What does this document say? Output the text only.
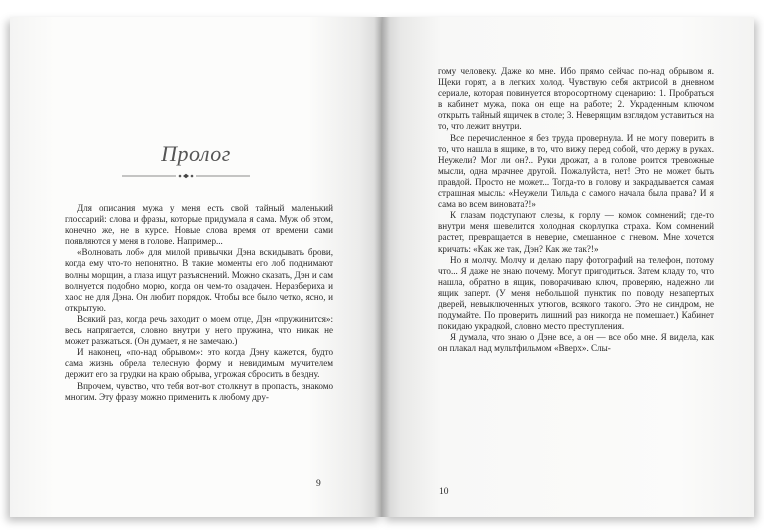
Пролог

Для описания мужа у меня есть свой тайный маленький глоссарий: слова и фразы, которые придумала я сама. Муж об этом, конечно же, не в курсе. Новые слова время от времени сами появляются у меня в голове. Например...

«Волновать лоб» для милой привычки Дэна вскидывать брови, когда ему что-то непонятно. В такие моменты его лоб поднимают волны морщин, а глаза ищут разъяснений. Можно сказать, Дэн и сам волнуется подобно морю, когда он чем-то озадачен. Неразбериха и хаос не для Дэна. Он любит порядок. Чтобы все было четко, ясно, и открытую.

Всякий раз, когда речь заходит о моем отце, Дэн «пружинится»: весь напрягается, словно внутри у него пружина, что никак не может разжаться. (Он думает, я не замечаю.)

И наконец, «по-над обрывом»: это когда Дэну кажется, будто сама жизнь обрела телесную форму и невидимым мучителем держит его за грудки на краю обрыва, угрожая сбросить в бездну.

Впрочем, чувство, что тебя вот-вот столкнут в пропасть, знакомо многим. Эту фразу можно применить к любому дру-

9

гому человеку. Даже ко мне. Ибо прямо сейчас по-над обрывом я. Щеки горят, а в легких холод. Чувствую себя актрисой в дневном сериале, которая повинуется второсортному сценарию: 1. Пробраться в кабинет мужа, пока он еще на работе; 2. Украденным ключом открыть тайный ящичек в столе; 3. Неверящим взглядом уставиться на то, что лежит внутри.

Все перечисленное я без труда провернула. И не могу поверить в то, что нашла в ящике, в то, что вижу перед собой, что держу в руках. Неужели? Мог ли он?.. Руки дрожат, а в голове роится тревожные мысли, одна мрачнее другой. Пожалуйста, нет! Это не может быть правдой. Просто не может... Тогда-то в голову и закрадывается самая страшная мысль: «Неужели Тильда с самого начала была права? И я сама во всем виновата?!»

К глазам подступают слезы, к горлу — комок сомнений; где-то внутри меня шевелится холодная скорлупка страха. Ком сомнений растет, превращается в неверие, смешанное с гневом. Мне хочется кричать: «Как же так, Дэн? Как же так?!»

Но я молчу. Молчу и делаю пару фотографий на телефон, потому что... Я даже не знаю почему. Могут пригодиться. Затем кладу то, что нашла, обратно в ящик, поворачиваю ключ, проверяю, надежно ли ящик заперт. (У меня небольшой пунктик по поводу незапертых дверей, невыключенных утюгов, всякого такого. Это не синдром, не подумайте. По проверить лишний раз никогда не помешает.) Кабинет покидаю украдкой, словно место преступления.

Я думала, что знаю о Дэне все, а он — все обо мне. Я видела, как он плакал над мультфильмом «Вверх». Слы-

10
